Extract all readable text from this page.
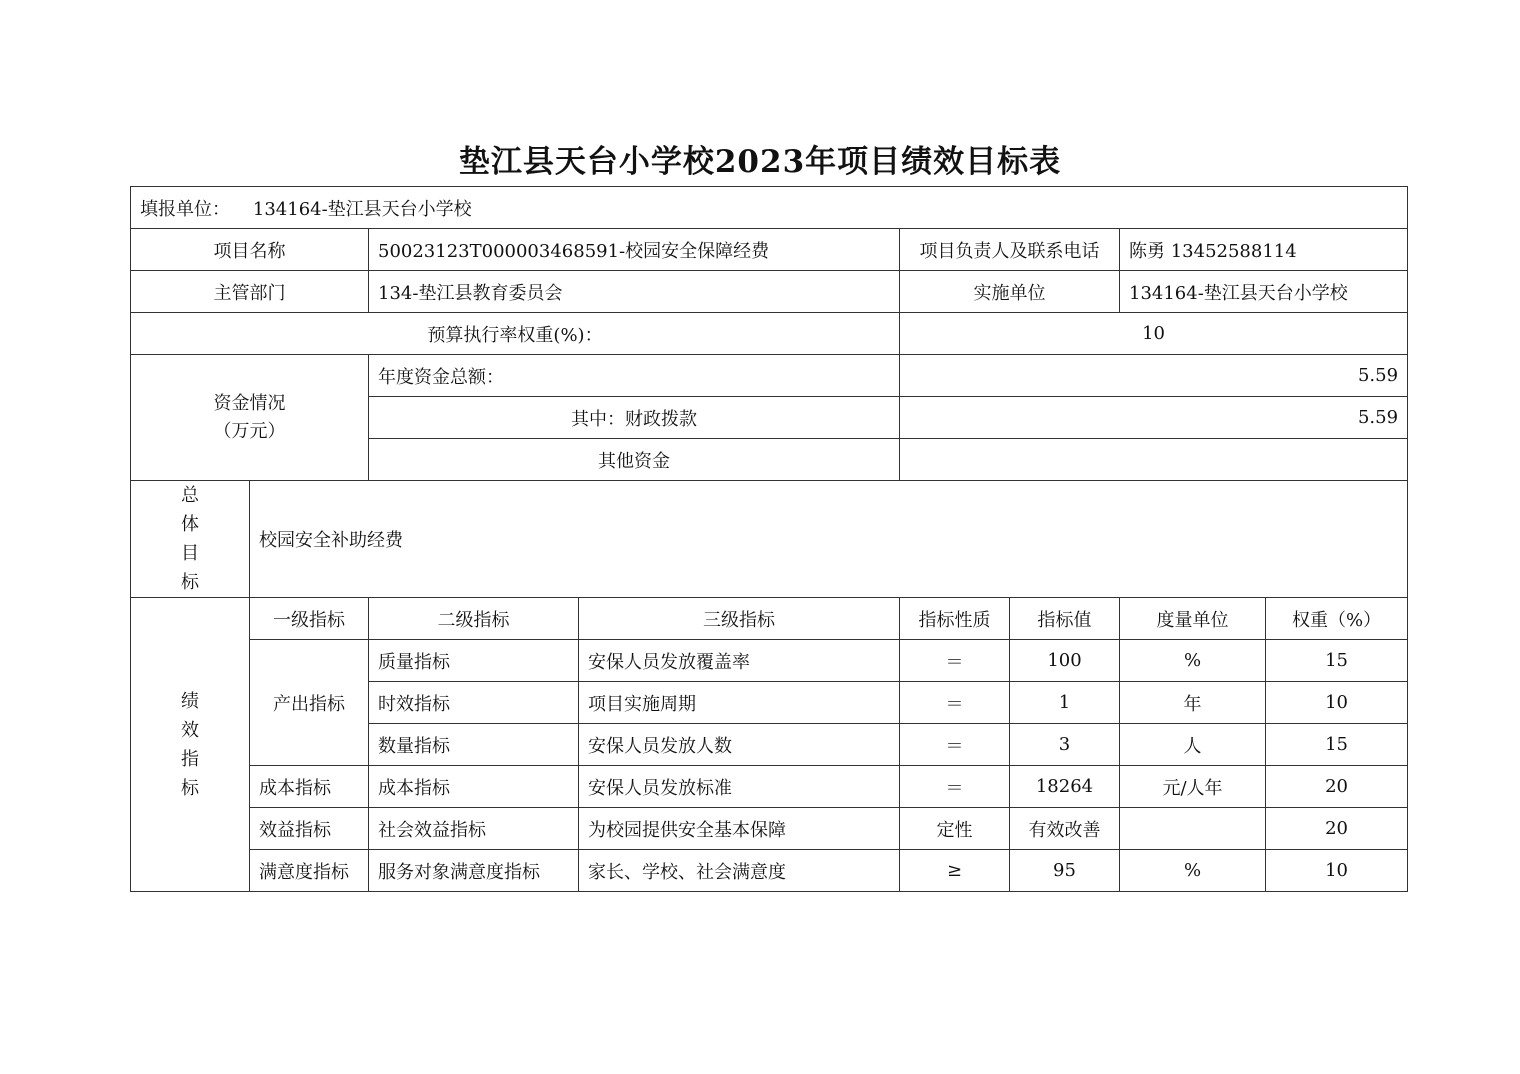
垫江县天台小学校2023年项目绩效目标表
填报单位： 134164-垫江县天台小学校							
项目名称		50023123T000003468591-校园安全保障经费		项目负责人及联系电话		陈勇 13452588114	
主管部门		134-垫江县教育委员会		实施单位		134164-垫江县天台小学校	
预算执行率权重(%)：				10			
资金情况
（万元）		年度资金总额：		5.59			
		其中：财政拨款		5.59			
		其他资金					

总
体
目
标	校园安全补助经费						

绩
效
指
标	一级指标	二级指标	三级指标	指标性质	指标值	度量单位	权重（%）
	产出指标	质量指标	安保人员发放覆盖率	＝	100	%	15
		时效指标	项目实施周期	＝	1	年	10
		数量指标	安保人员发放人数	＝	3	人	15
	成本指标	成本指标	安保人员发放标准	＝	18264	元/人年	20
	效益指标	社会效益指标	为校园提供安全基本保障	定性	有效改善		20
	满意度指标	服务对象满意度指标	家长、学校、社会满意度	≥	95	%	10
